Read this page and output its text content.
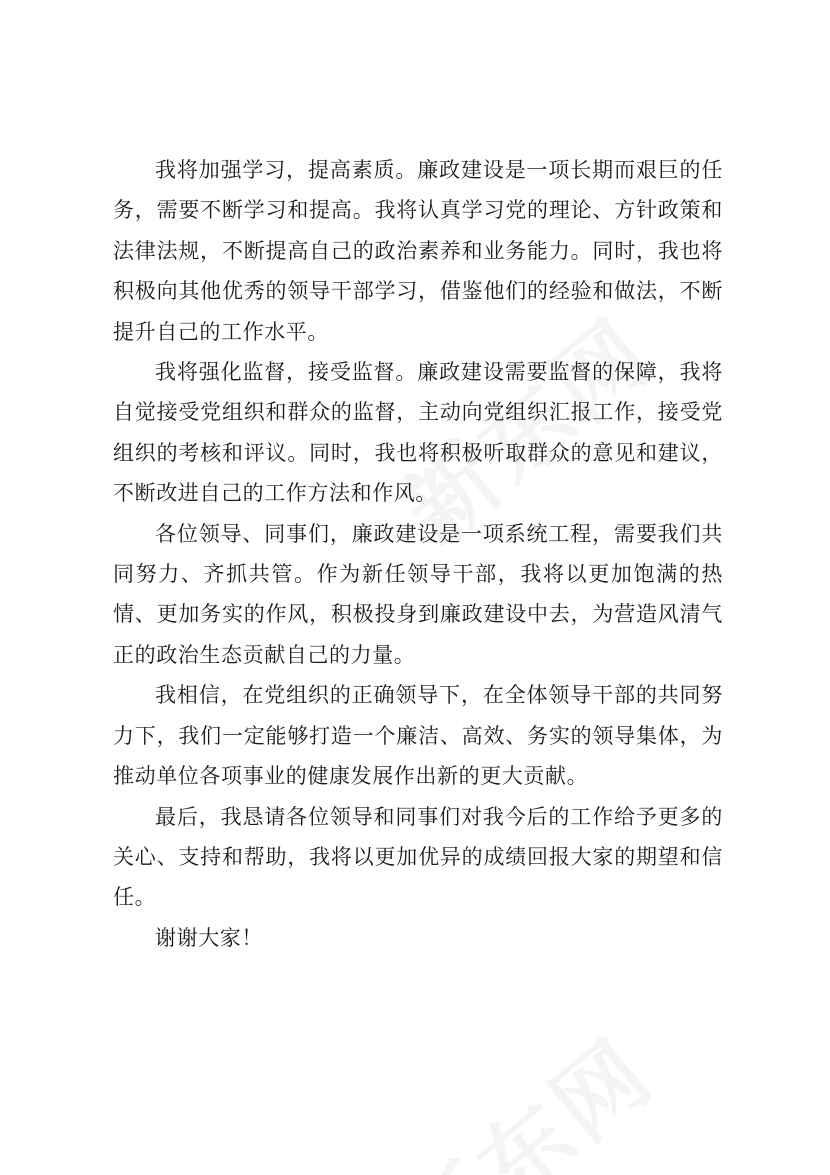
我将加强学习，提高素质。廉政建设是一项长期而艰巨的任务，需要不断学习和提高。我将认真学习党的理论、方针政策和法律法规，不断提高自己的政治素养和业务能力。同时，我也将积极向其他优秀的领导干部学习，借鉴他们的经验和做法，不断提升自己的工作水平。

我将强化监督，接受监督。廉政建设需要监督的保障，我将自觉接受党组织和群众的监督，主动向党组织汇报工作，接受党组织的考核和评议。同时，我也将积极听取群众的意见和建议，不断改进自己的工作方法和作风。

各位领导、同事们，廉政建设是一项系统工程，需要我们共同努力、齐抓共管。作为新任领导干部，我将以更加饱满的热情、更加务实的作风，积极投身到廉政建设中去，为营造风清气正的政治生态贡献自己的力量。

我相信，在党组织的正确领导下，在全体领导干部的共同努力下，我们一定能够打造一个廉洁、高效、务实的领导集体，为推动单位各项事业的健康发展作出新的更大贡献。

最后，我恳请各位领导和同事们对我今后的工作给予更多的关心、支持和帮助，我将以更加优异的成绩回报大家的期望和信任。

谢谢大家！
